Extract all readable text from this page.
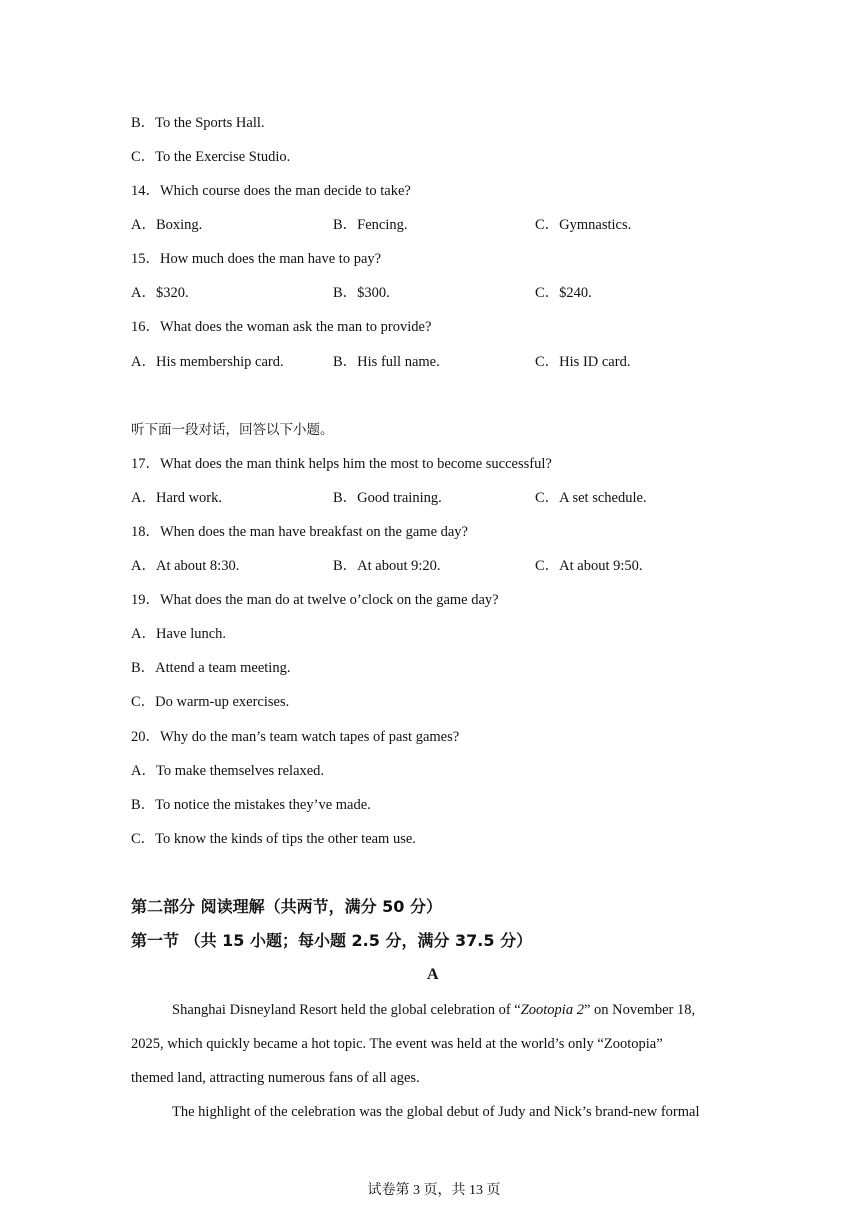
B．To the Sports Hall.
C．To the Exercise Studio.
14．Which course does the man decide to take?
A．Boxing.	B．Fencing.	C．Gymnastics.
15．How much does the man have to pay?
A．$320.	B．$300.	C．$240.
16．What does the woman ask the man to provide?
A．His membership card.	B．His full name.	C．His ID card.
听下面一段对话，回答以下小题。
17．What does the man think helps him the most to become successful?
A．Hard work.	B．Good training.	C．A set schedule.
18．When does the man have breakfast on the game day?
A．At about 8:30.	B．At about 9:20.	C．At about 9:50.
19．What does the man do at twelve o’clock on the game day?
A．Have lunch.
B．Attend a team meeting.
C．Do warm-up exercises.
20．Why do the man’s team watch tapes of past games?
A．To make themselves relaxed.
B．To notice the mistakes they’ve made.
C．To know the kinds of tips the other team use.
第二部分 阅读理解（共两节，满分 50 分）
第一节 （共 15 小题；每小题 2.5 分，满分 37.5 分）
A
Shanghai Disneyland Resort held the global celebration of “Zootopia 2” on November 18,
2025, which quickly became a hot topic. The event was held at the world’s only “Zootopia”
themed land, attracting numerous fans of all ages.
The highlight of the celebration was the global debut of Judy and Nick’s brand-new formal
试卷第 3 页，共 13 页
